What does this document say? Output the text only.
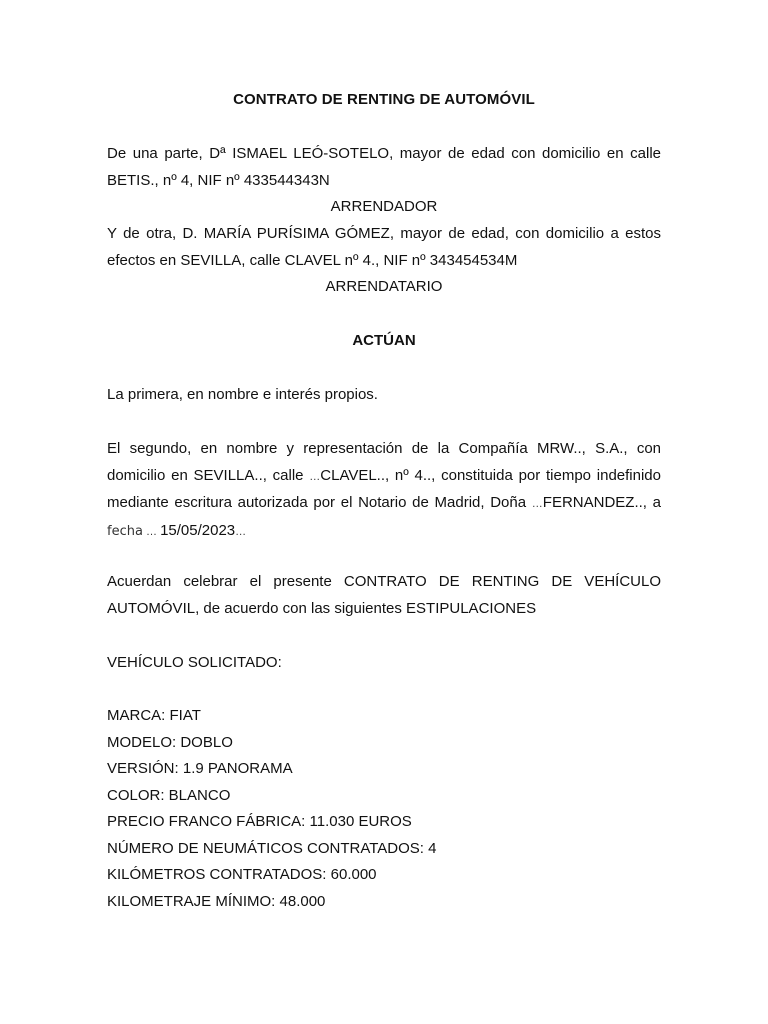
CONTRATO DE RENTING DE AUTOMÓVIL
De una parte, Dª ISMAEL LEÓ-SOTELO, mayor de edad con domicilio en calle
BETIS., nº 4, NIF nº 433544343N
ARRENDADOR
Y de otra, D. MARÍA PURÍSIMA GÓMEZ, mayor de edad, con domicilio a estos
efectos en SEVILLA, calle CLAVEL nº 4., NIF nº 343454534M
ARRENDATARIO
ACTÚAN
La primera, en nombre e interés propios.
El segundo, en nombre y representación de la Compañía MRW.., S.A., con
domicilio en SEVILLA.., calle …CLAVEL.., nº 4.., constituida por tiempo indefinido
mediante escritura autorizada por el Notario de Madrid, Doña …FERNANDEZ.., a
fecha … 15/05/2023…
Acuerdan celebrar el presente CONTRATO DE RENTING DE VEHÍCULO
AUTOMÓVIL, de acuerdo con las siguientes ESTIPULACIONES
VEHÍCULO SOLICITADO:
MARCA: FIAT
MODELO: DOBLO
VERSIÓN: 1.9 PANORAMA
COLOR: BLANCO
PRECIO FRANCO FÁBRICA: 11.030 EUROS
NÚMERO DE NEUMÁTICOS CONTRATADOS: 4
KILÓMETROS CONTRATADOS: 60.000
KILOMETRAJE MÍNIMO: 48.000
